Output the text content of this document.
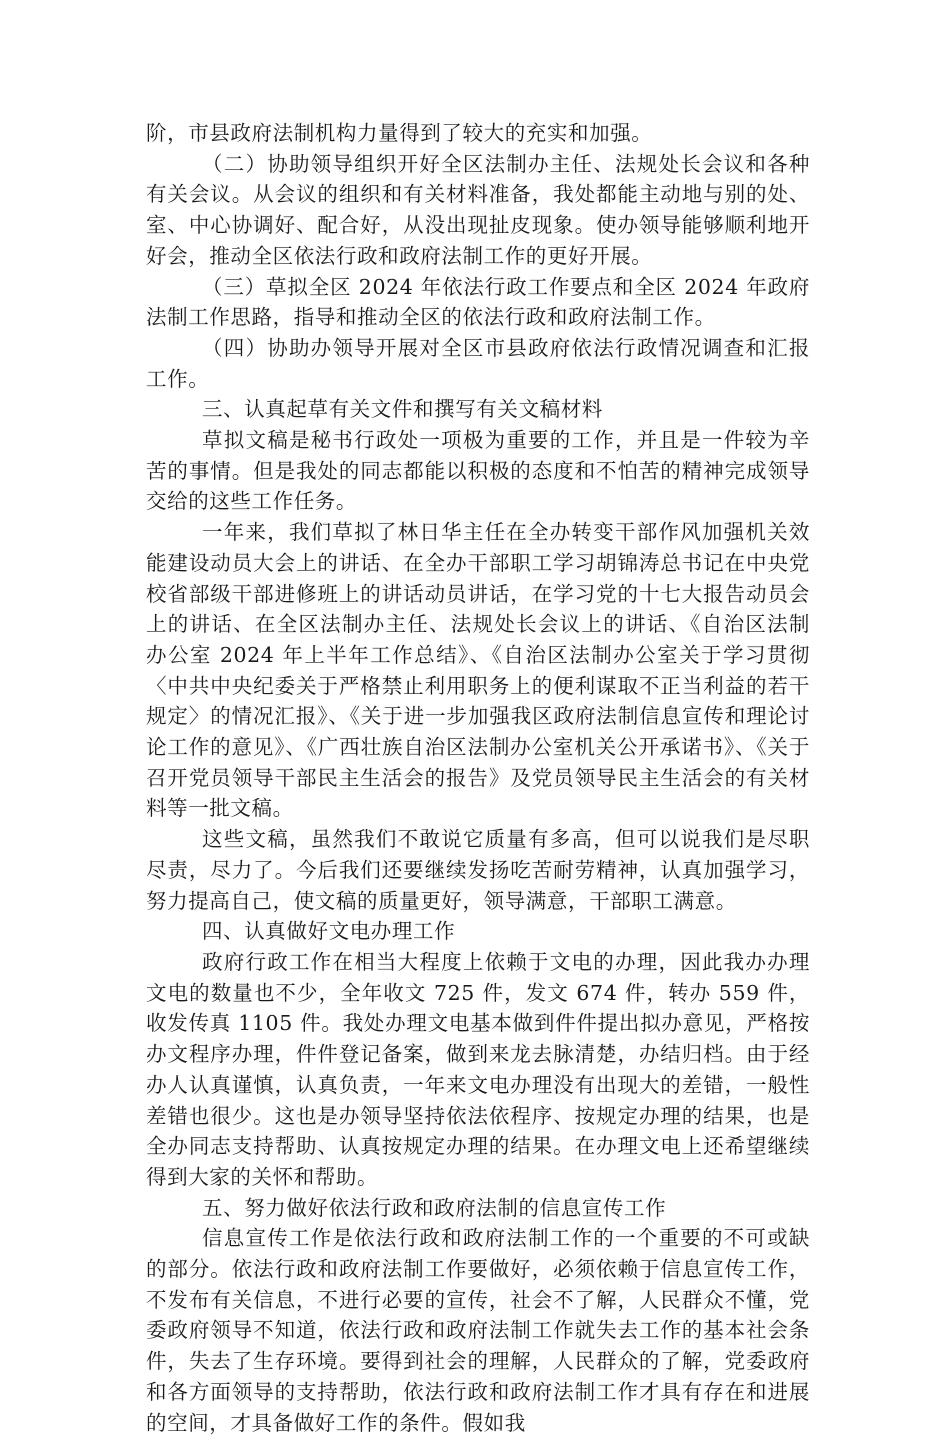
阶，市县政府法制机构力量得到了较大的充实和加强。

（二）协助领导组织开好全区法制办主任、法规处长会议和各种有关会议。从会议的组织和有关材料准备，我处都能主动地与别的处、室、中心协调好、配合好，从没出现扯皮现象。使办领导能够顺利地开好会，推动全区依法行政和政府法制工作的更好开展。

（三）草拟全区 2024 年依法行政工作要点和全区 2024 年政府法制工作思路，指导和推动全区的依法行政和政府法制工作。

（四）协助办领导开展对全区市县政府依法行政情况调查和汇报工作。

三、认真起草有关文件和撰写有关文稿材料

草拟文稿是秘书行政处一项极为重要的工作，并且是一件较为辛苦的事情。但是我处的同志都能以积极的态度和不怕苦的精神完成领导交给的这些工作任务。

一年来，我们草拟了林日华主任在全办转变干部作风加强机关效能建设动员大会上的讲话、在全办干部职工学习胡锦涛总书记在中央党校省部级干部进修班上的讲话动员讲话，在学习党的十七大报告动员会上的讲话、在全区法制办主任、法规处长会议上的讲话、《自治区法制办公室 2024 年上半年工作总结》、《自治区法制办公室关于学习贯彻〈中共中央纪委关于严格禁止利用职务上的便利谋取不正当利益的若干规定〉的情况汇报》、《关于进一步加强我区政府法制信息宣传和理论讨论工作的意见》、《广西壮族自治区法制办公室机关公开承诺书》、《关于召开党员领导干部民主生活会的报告》及党员领导民主生活会的有关材料等一批文稿。

这些文稿，虽然我们不敢说它质量有多高，但可以说我们是尽职尽责，尽力了。今后我们还要继续发扬吃苦耐劳精神，认真加强学习，努力提高自己，使文稿的质量更好，领导满意，干部职工满意。

四、认真做好文电办理工作

政府行政工作在相当大程度上依赖于文电的办理，因此我办办理文电的数量也不少，全年收文 725 件，发文 674 件，转办 559 件，收发传真 1105 件。我处办理文电基本做到件件提出拟办意见，严格按办文程序办理，件件登记备案，做到来龙去脉清楚，办结归档。由于经办人认真谨慎，认真负责，一年来文电办理没有出现大的差错，一般性差错也很少。这也是办领导坚持依法依程序、按规定办理的结果，也是全办同志支持帮助、认真按规定办理的结果。在办理文电上还希望继续得到大家的关怀和帮助。

五、努力做好依法行政和政府法制的信息宣传工作

信息宣传工作是依法行政和政府法制工作的一个重要的不可或缺的部分。依法行政和政府法制工作要做好，必须依赖于信息宣传工作，不发布有关信息，不进行必要的宣传，社会不了解，人民群众不懂，党委政府领导不知道，依法行政和政府法制工作就失去工作的基本社会条件，失去了生存环境。要得到社会的理解，人民群众的了解，党委政府和各方面领导的支持帮助，依法行政和政府法制工作才具有存在和进展的空间，才具备做好工作的条件。假如我
